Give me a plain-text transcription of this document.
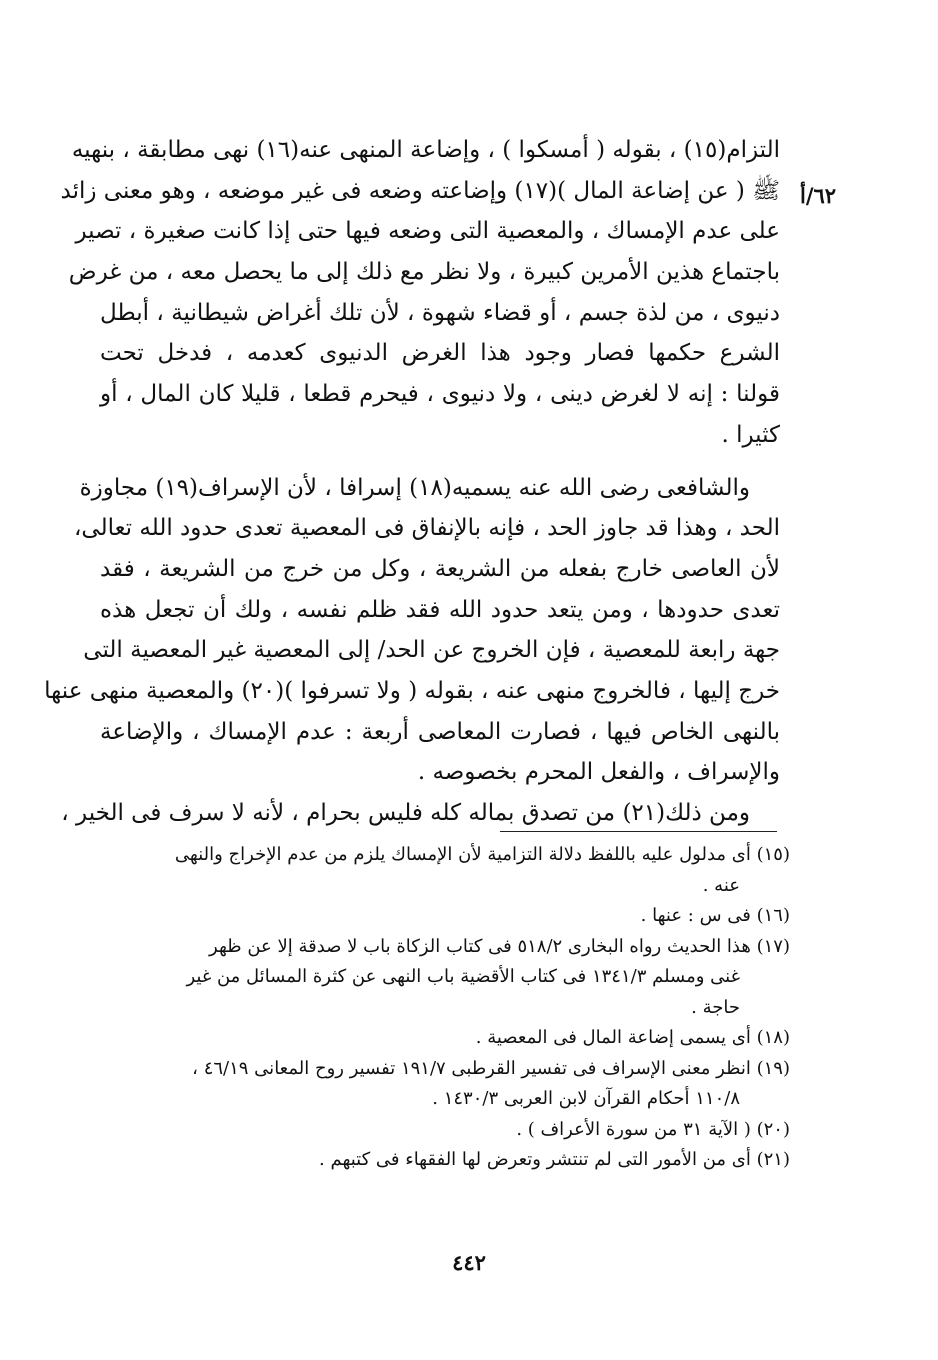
٦٢/أ
التزام(١٥) ، بقوله ( أمسكوا ) ، وإضاعة المنهى عنه(١٦) نهى مطابقة ، بنهيه
ﷺ ( عن إضاعة المال )(١٧) وإضاعته وضعه فى غير موضعه ، وهو معنى زائد
على عدم الإمساك ، والمعصية التى وضعه فيها حتى إذا كانت صغيرة ، تصير
باجتماع هذين الأمرين كبيرة ، ولا نظر مع ذلك إلى ما يحصل معه ، من غرض
دنيوى ، من لذة جسم ، أو قضاء شهوة ، لأن تلك أغراض شيطانية ، أبطل
الشرع حكمها فصار وجود هذا الغرض الدنيوى كعدمه ، فدخل تحت
قولنا : إنه لا لغرض دينى ، ولا دنيوى ، فيحرم قطعا ، قليلا كان المال ، أو
كثيرا .
والشافعى رضى الله عنه يسميه(١٨) إسرافا ، لأن الإسراف(١٩) مجاوزة
الحد ، وهذا قد جاوز الحد ، فإنه بالإنفاق فى المعصية تعدى حدود الله تعالى،
لأن العاصى خارج بفعله من الشريعة ، وكل من خرج من الشريعة ، فقد
تعدى حدودها ، ومن يتعد حدود الله فقد ظلم نفسه ، ولك أن تجعل هذه
جهة رابعة للمعصية ، فإن الخروج عن الحد/ إلى المعصية غير المعصية التى
خرج إليها ، فالخروج منهى عنه ، بقوله ( ولا تسرفوا )(٢٠) والمعصية منهى عنها
بالنهى الخاص فيها ، فصارت المعاصى أربعة : عدم الإمساك ، والإضاعة
والإسراف ، والفعل المحرم بخصوصه .
ومن ذلك(٢١) من تصدق بماله كله فليس بحرام ، لأنه لا سرف فى الخير ،
(١٥) أى مدلول عليه باللفظ دلالة التزامية لأن الإمساك يلزم من عدم الإخراج والنهى
عنه .
(١٦) فى س : عنها .
(١٧) هذا الحديث رواه البخارى ٥١٨/٢ فى كتاب الزكاة باب لا صدقة إلا عن ظهر
غنى ومسلم ١٣٤١/٣ فى كتاب الأقضية باب النهى عن كثرة المسائل من غير
حاجة .
(١٨) أى يسمى إضاعة المال فى المعصية .
(١٩) انظر معنى الإسراف فى تفسير القرطبى ١٩١/٧ تفسير روح المعانى ٤٦/١٩ ،
١١٠/٨ أحكام القرآن لابن العربى ١٤٣٠/٣ .
(٢٠) ( الآية ٣١ من سورة الأعراف ) .
(٢١) أى من الأمور التى لم تنتشر وتعرض لها الفقهاء فى كتبهم .
٤٤٢
